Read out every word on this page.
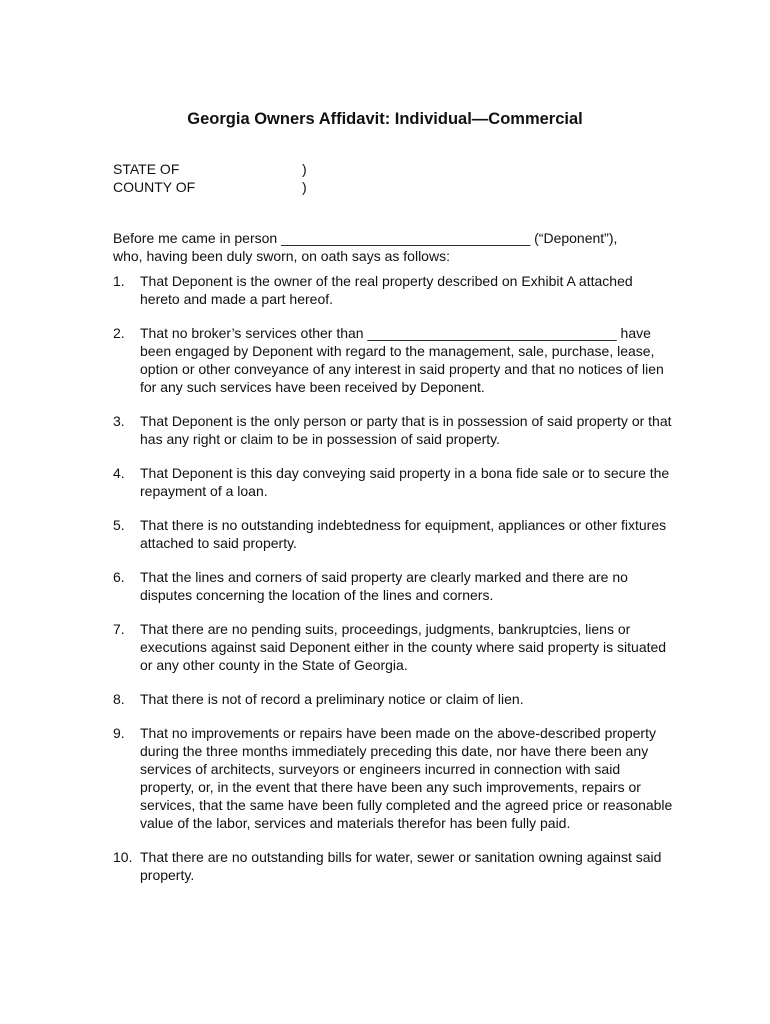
Georgia Owners Affidavit: Individual—Commercial
STATE OF	)
COUNTY OF	)
Before me came in person ________________________________ (“Deponent”),
who, having been duly sworn, on oath says as follows:
1. That Deponent is the owner of the real property described on Exhibit A attached hereto and made a part hereof.
2. That no broker’s services other than ________________________________ have been engaged by Deponent with regard to the management, sale, purchase, lease, option or other conveyance of any interest in said property and that no notices of lien for any such services have been received by Deponent.
3. That Deponent is the only person or party that is in possession of said property or that has any right or claim to be in possession of said property.
4. That Deponent is this day conveying said property in a bona fide sale or to secure the repayment of a loan.
5. That there is no outstanding indebtedness for equipment, appliances or other fixtures attached to said property.
6. That the lines and corners of said property are clearly marked and there are no disputes concerning the location of the lines and corners.
7. That there are no pending suits, proceedings, judgments, bankruptcies, liens or executions against said Deponent either in the county where said property is situated or any other county in the State of Georgia.
8. That there is not of record a preliminary notice or claim of lien.
9. That no improvements or repairs have been made on the above-described property during the three months immediately preceding this date, nor have there been any services of architects, surveyors or engineers incurred in connection with said property, or, in the event that there have been any such improvements, repairs or services, that the same have been fully completed and the agreed price or reasonable value of the labor, services and materials therefor has been fully paid.
10. That there are no outstanding bills for water, sewer or sanitation owning against said property.
